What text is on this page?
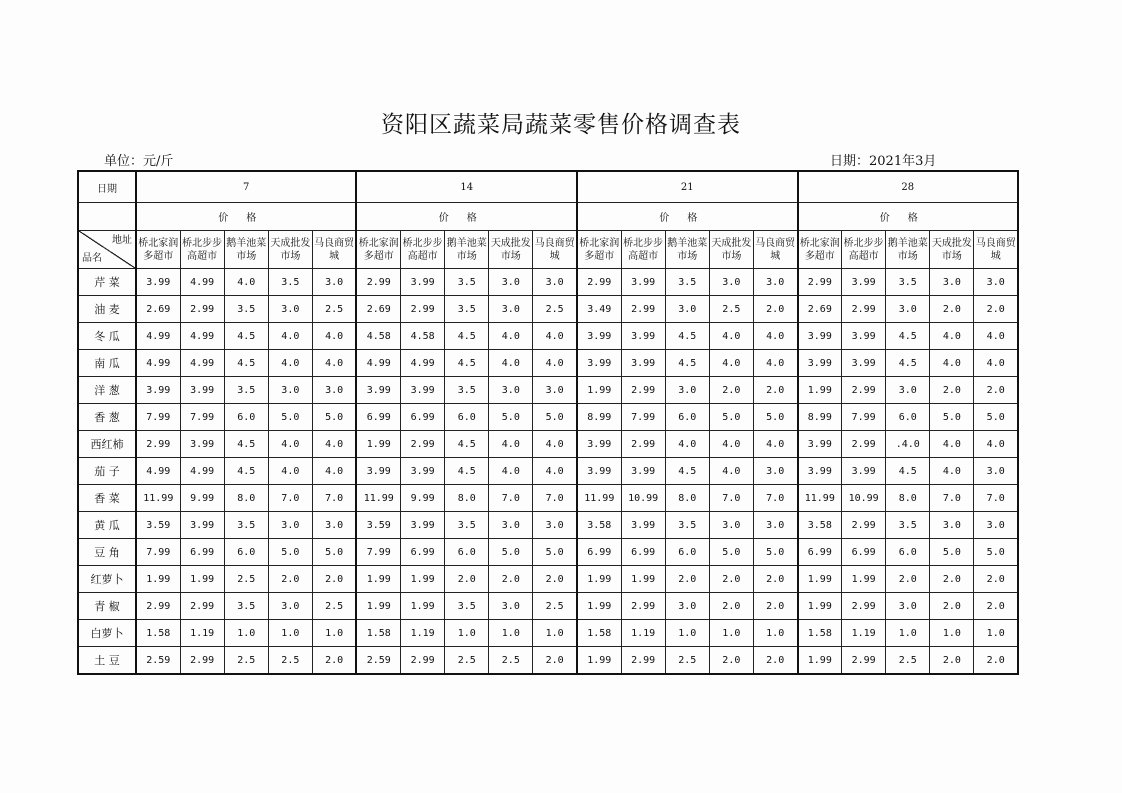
资阳区蔬菜局蔬菜零售价格调查表
单位：元/斤	日期：2021年3月
日期	7					14					21					28				
	价格					价格					价格					价格				

地址
品名	桥北家润多超市	桥北步步高超市	鹅羊池菜市场	天成批发市场	马良商贸城	桥北家润多超市	桥北步步高超市	鹅羊池菜市场	天成批发市场	马良商贸城	桥北家润多超市	桥北步步高超市	鹅羊池菜市场	天成批发市场	马良商贸城	桥北家润多超市	桥北步步高超市	鹅羊池菜市场	天成批发市场	马良商贸城
芹 菜	3.99	4.99	4.0	3.5	3.0	2.99	3.99	3.5	3.0	3.0	2.99	3.99	3.5	3.0	3.0	2.99	3.99	3.5	3.0	3.0
油 麦	2.69	2.99	3.5	3.0	2.5	2.69	2.99	3.5	3.0	2.5	3.49	2.99	3.0	2.5	2.0	2.69	2.99	3.0	2.0	2.0
冬 瓜	4.99	4.99	4.5	4.0	4.0	4.58	4.58	4.5	4.0	4.0	3.99	3.99	4.5	4.0	4.0	3.99	3.99	4.5	4.0	4.0
南 瓜	4.99	4.99	4.5	4.0	4.0	4.99	4.99	4.5	4.0	4.0	3.99	3.99	4.5	4.0	4.0	3.99	3.99	4.5	4.0	4.0
洋 葱	3.99	3.99	3.5	3.0	3.0	3.99	3.99	3.5	3.0	3.0	1.99	2.99	3.0	2.0	2.0	1.99	2.99	3.0	2.0	2.0
香 葱	7.99	7.99	6.0	5.0	5.0	6.99	6.99	6.0	5.0	5.0	8.99	7.99	6.0	5.0	5.0	8.99	7.99	6.0	5.0	5.0
西红柿	2.99	3.99	4.5	4.0	4.0	1.99	2.99	4.5	4.0	4.0	3.99	2.99	4.0	4.0	4.0	3.99	2.99	.4.0	4.0	4.0
茄 子	4.99	4.99	4.5	4.0	4.0	3.99	3.99	4.5	4.0	4.0	3.99	3.99	4.5	4.0	3.0	3.99	3.99	4.5	4.0	3.0
香 菜	11.99	9.99	8.0	7.0	7.0	11.99	9.99	8.0	7.0	7.0	11.99	10.99	8.0	7.0	7.0	11.99	10.99	8.0	7.0	7.0
黄 瓜	3.59	3.99	3.5	3.0	3.0	3.59	3.99	3.5	3.0	3.0	3.58	3.99	3.5	3.0	3.0	3.58	2.99	3.5	3.0	3.0
豆 角	7.99	6.99	6.0	5.0	5.0	7.99	6.99	6.0	5.0	5.0	6.99	6.99	6.0	5.0	5.0	6.99	6.99	6.0	5.0	5.0
红萝卜	1.99	1.99	2.5	2.0	2.0	1.99	1.99	2.0	2.0	2.0	1.99	1.99	2.0	2.0	2.0	1.99	1.99	2.0	2.0	2.0
青 椒	2.99	2.99	3.5	3.0	2.5	1.99	1.99	3.5	3.0	2.5	1.99	2.99	3.0	2.0	2.0	1.99	2.99	3.0	2.0	2.0
白萝卜	1.58	1.19	1.0	1.0	1.0	1.58	1.19	1.0	1.0	1.0	1.58	1.19	1.0	1.0	1.0	1.58	1.19	1.0	1.0	1.0
土 豆	2.59	2.99	2.5	2.5	2.0	2.59	2.99	2.5	2.5	2.0	1.99	2.99	2.5	2.0	2.0	1.99	2.99	2.5	2.0	2.0
